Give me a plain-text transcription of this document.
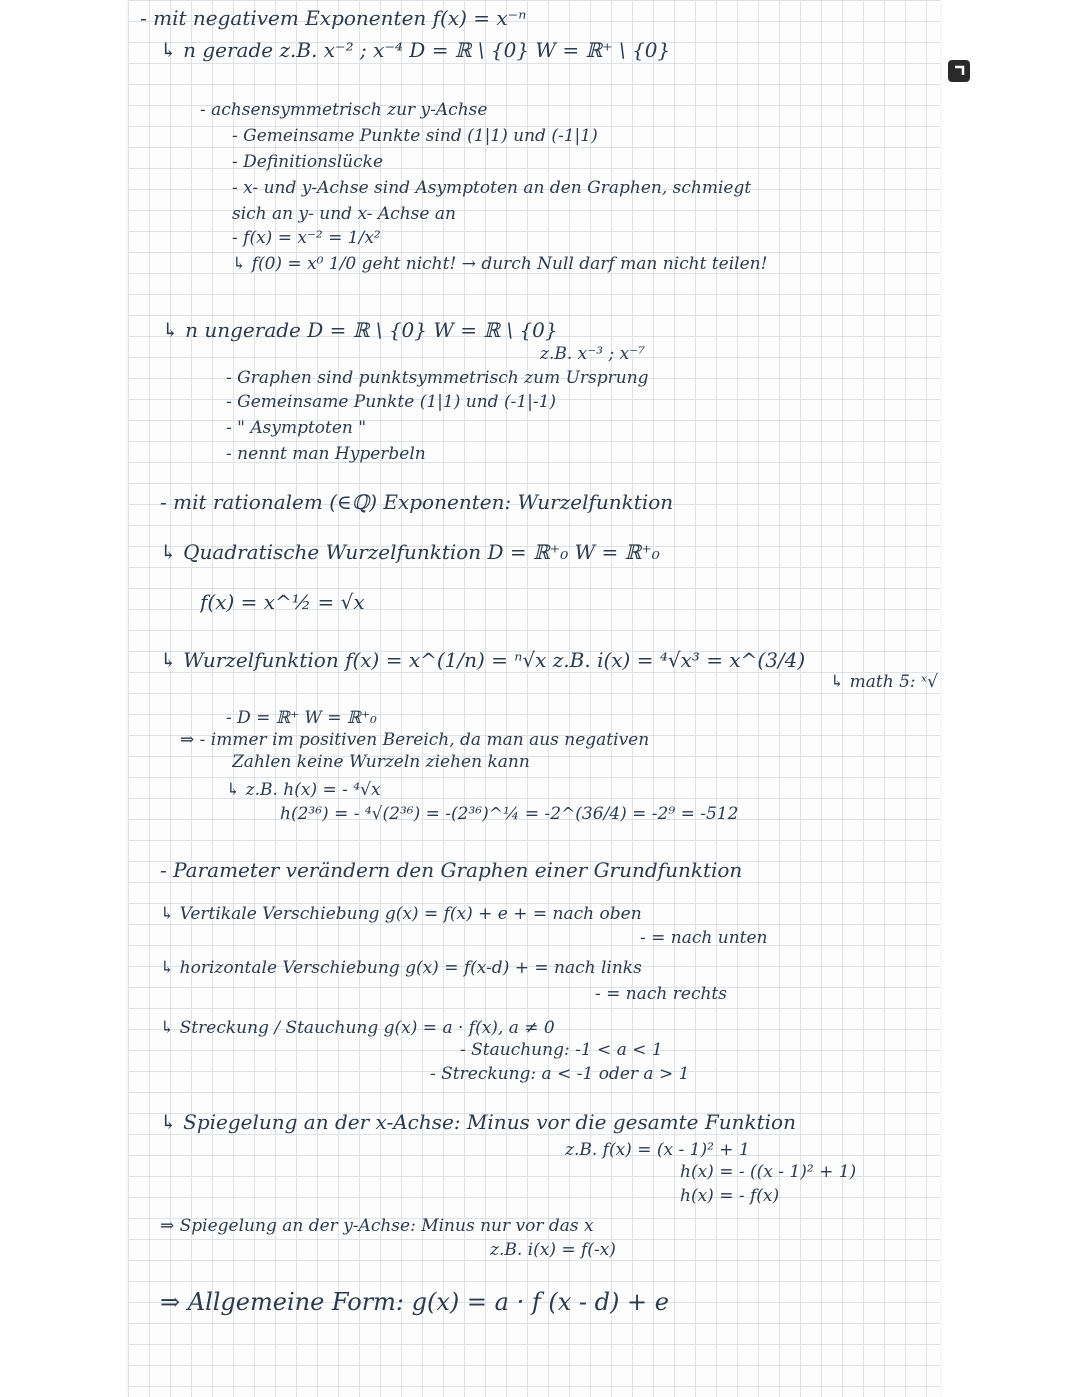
- mit negativem Exponenten f(x) = x⁻ⁿ
↳ n gerade z.B. x⁻² ; x⁻⁴ D = ℝ \ {0} W = ℝ⁺ \ {0}
- achsensymmetrisch zur y-Achse
- Gemeinsame Punkte sind (1|1) und (-1|1)
- Definitionslücke
- x- und y-Achse sind Asymptoten an den Graphen, schmiegt
sich an y- und x- Achse an
- f(x) = x⁻² = 1/x²
↳ f(0) = x⁰ 1/0 geht nicht! → durch Null darf man nicht teilen!
↳ n ungerade D = ℝ \ {0} W = ℝ \ {0}
z.B. x⁻³ ; x⁻⁷
- Graphen sind punktsymmetrisch zum Ursprung
- Gemeinsame Punkte (1|1) und (-1|-1)
- " Asymptoten "
- nennt man Hyperbeln
- mit rationalem (∈ℚ) Exponenten: Wurzelfunktion
↳ Quadratische Wurzelfunktion D = ℝ⁺₀ W = ℝ⁺₀
f(x) = x^½ = √x
↳ Wurzelfunktion f(x) = x^(1/n) = ⁿ√x z.B. i(x) = ⁴√x³ = x^(3/4)
↳ math 5: ˣ√
- D = ℝ⁺ W = ℝ⁺₀
⇒ - immer im positiven Bereich, da man aus negativen
Zahlen keine Wurzeln ziehen kann
↳ z.B. h(x) = - ⁴√x
h(2³⁶) = - ⁴√(2³⁶) = -(2³⁶)^¼ = -2^(36/4) = -2⁹ = -512
- Parameter verändern den Graphen einer Grundfunktion
↳ Vertikale Verschiebung g(x) = f(x) + e + = nach oben
- = nach unten
↳ horizontale Verschiebung g(x) = f(x-d) + = nach links
- = nach rechts
↳ Streckung / Stauchung g(x) = a · f(x), a ≠ 0
- Stauchung: -1 < a < 1
- Streckung: a < -1 oder a > 1
↳ Spiegelung an der x-Achse: Minus vor die gesamte Funktion
z.B. f(x) = (x - 1)² + 1
h(x) = - ((x - 1)² + 1)
h(x) = - f(x)
⇒ Spiegelung an der y-Achse: Minus nur vor das x
z.B. i(x) = f(-x)
⇒ Allgemeine Form: g(x) = a · f (x - d) + e
